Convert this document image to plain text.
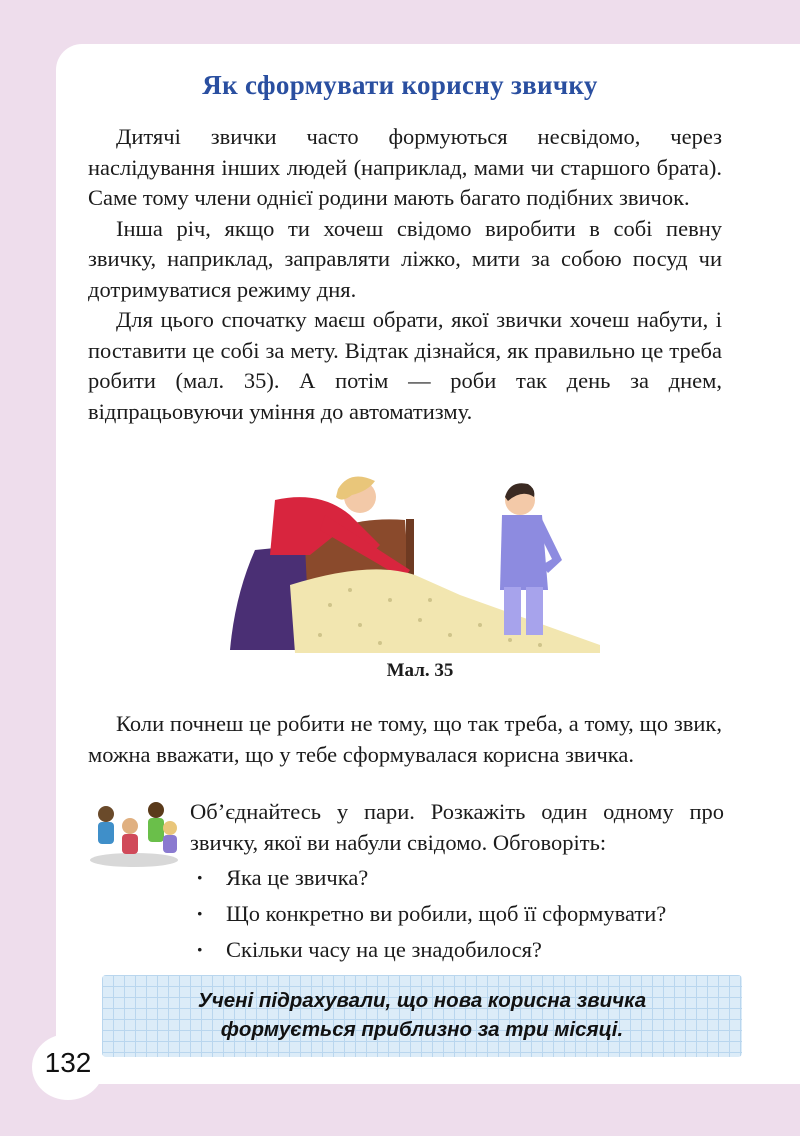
Як сформувати корисну звичку

Дитячі звички часто формуються несвідомо, через наслідування інших людей (наприклад, мами чи старшого брата). Саме тому члени однієї родини мають багато подібних звичок.

Інша річ, якщо ти хочеш свідомо виробити в собі певну звичку, наприклад, заправляти ліжко, мити за собою посуд чи дотримуватися режиму дня.

Для цього спочатку маєш обрати, якої звички хочеш набути, і поставити це собі за мету. Відтак дізнайся, як правильно це треба робити (мал. 35). А потім — роби так день за днем, відпрацьовуючи уміння до автоматизму.

Мал. 35

Коли почнеш це робити не тому, що так треба, а тому, що звик, можна вважати, що у тебе сформувалася корисна звичка.

Об’єднайтесь у пари. Розкажіть один одному про звичку, якої ви набули свідомо. Обговоріть:

· Яка це звичка?
· Що конкретно ви робили, щоб її сформувати?
· Скільки часу на це знадобилося?
Учені підрахували, що нова корисна звичка
формується приблизно за три місяці.
132
